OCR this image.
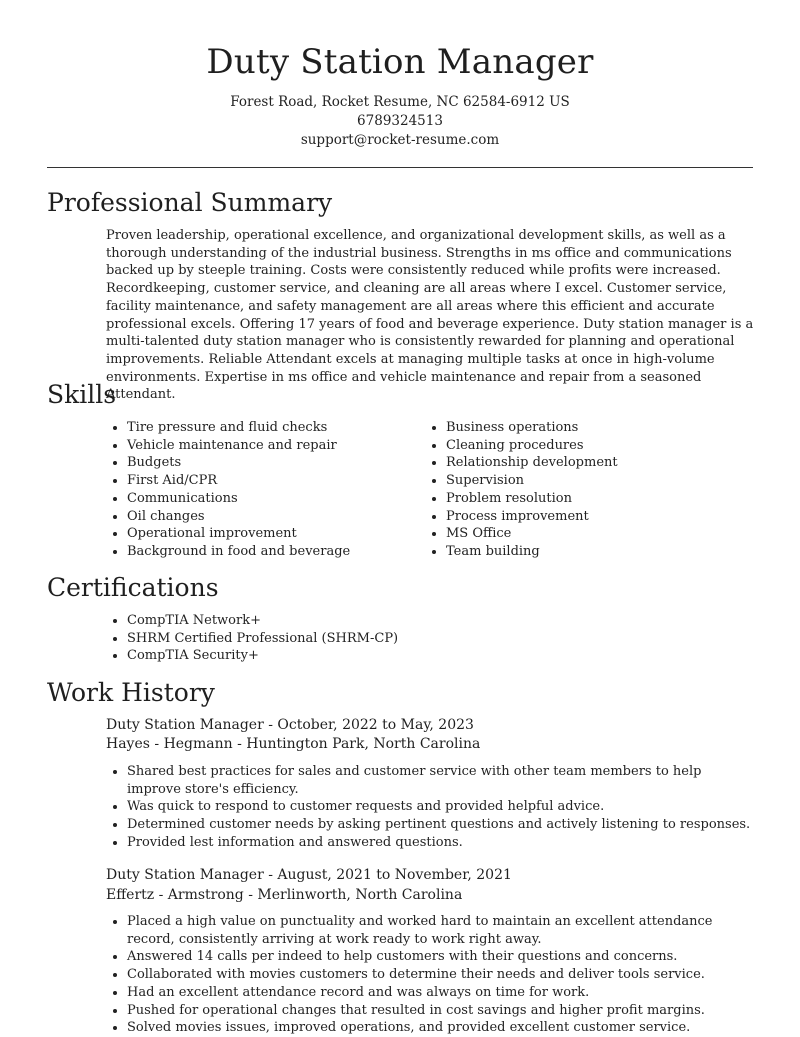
Duty Station Manager
Forest Road, Rocket Resume, NC 62584-6912 US
6789324513
support@rocket-resume.com
Professional Summary

Proven leadership, operational excellence, and organizational development skills, as well as a thorough understanding of the industrial business. Strengths in ms office and communications backed up by steeple training. Costs were consistently reduced while profits were increased. Recordkeeping, customer service, and cleaning are all areas where I excel. Customer service, facility maintenance, and safety management are all areas where this efficient and accurate professional excels. Offering 17 years of food and beverage experience. Duty station manager is a multi-talented duty station manager who is consistently rewarded for planning and operational improvements. Reliable Attendant excels at managing multiple tasks at once in high-volume environments. Expertise in ms office and vehicle maintenance and repair from a seasoned Attendant.

Skills
• Tire pressure and fluid checks
• Vehicle maintenance and repair
• Budgets
• First Aid/CPR
• Communications
• Oil changes
• Operational improvement
• Background in food and beverage
• Business operations
• Cleaning procedures
• Relationship development
• Supervision
• Problem resolution
• Process improvement
• MS Office
• Team building
Certifications
• CompTIA Network+
• SHRM Certified Professional (SHRM-CP)
• CompTIA Security+
Work History
Duty Station Manager - October, 2022 to May, 2023
Hayes - Hegmann - Huntington Park, North Carolina
• Shared best practices for sales and customer service with other team members to help improve store's efficiency.
• Was quick to respond to customer requests and provided helpful advice.
• Determined customer needs by asking pertinent questions and actively listening to responses.
• Provided lest information and answered questions.
Duty Station Manager - August, 2021 to November, 2021
Effertz - Armstrong - Merlinworth, North Carolina
• Placed a high value on punctuality and worked hard to maintain an excellent attendance record, consistently arriving at work ready to work right away.
• Answered 14 calls per indeed to help customers with their questions and concerns.
• Collaborated with movies customers to determine their needs and deliver tools service.
• Had an excellent attendance record and was always on time for work.
• Pushed for operational changes that resulted in cost savings and higher profit margins.
• Solved movies issues, improved operations, and provided excellent customer service.
